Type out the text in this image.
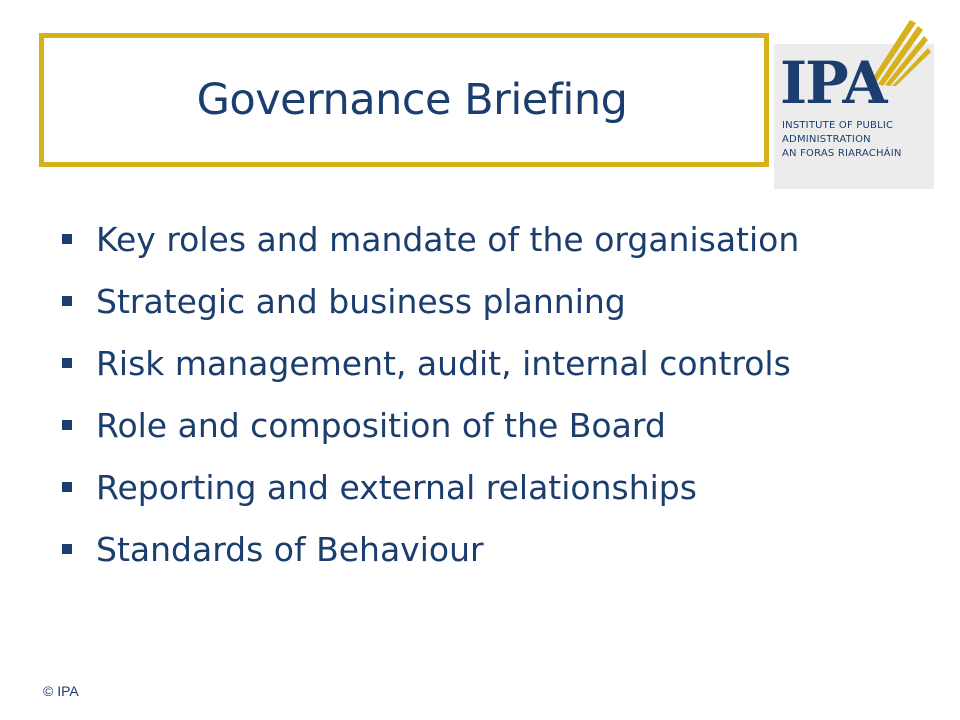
Governance Briefing	IPA
INSTITUTE OF PUBLIC
ADMINISTRATION
AN FORAS RIARACHÁIN
Key roles and mandate of the organisation
Strategic and business planning
Risk management, audit, internal controls
Role and composition of the Board
Reporting and external relationships
Standards of Behaviour
© IPA
